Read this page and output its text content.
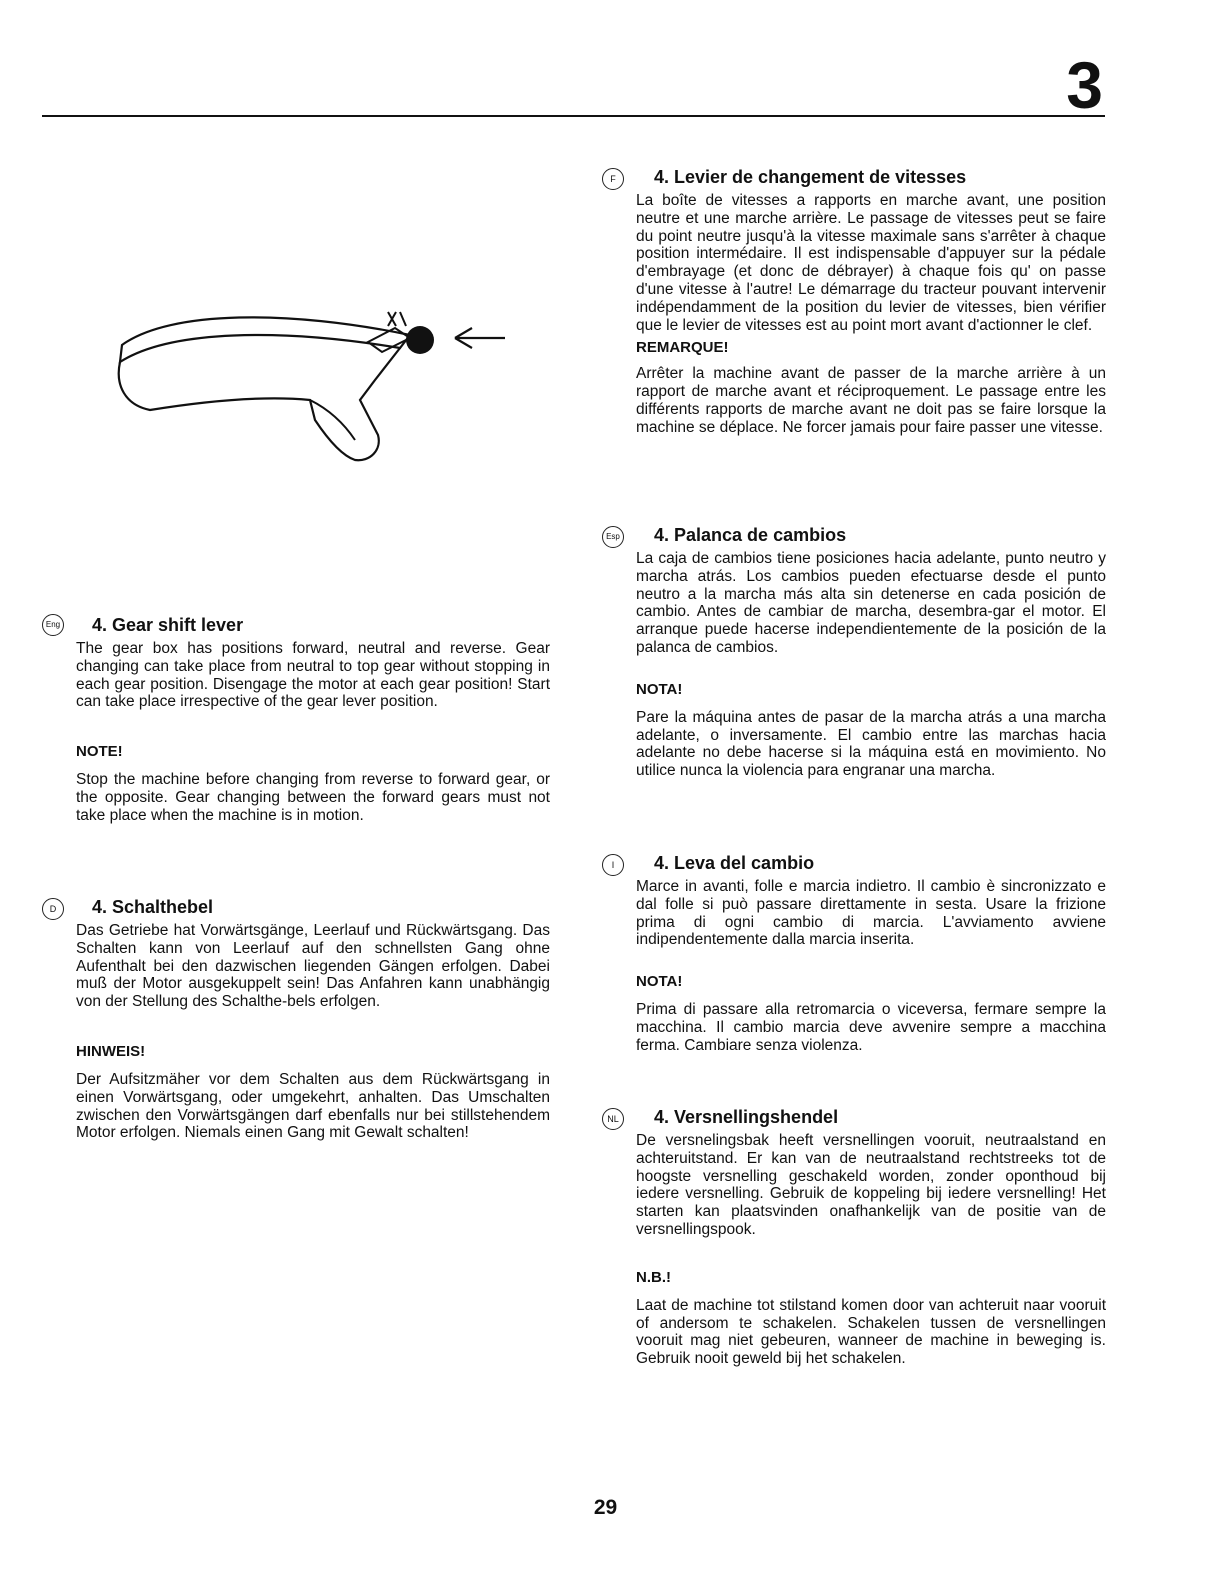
3
F	4. Levier de changement de vitesses

La boîte de vitesses a rapports en marche avant, une position neutre et une marche arrière. Le passage de vitesses peut se faire du point neutre jusqu'à la vitesse maximale sans s'arrêter à chaque position intermédaire. Il est indispensable d'appuyer sur la pédale d'embrayage (et donc de débrayer) à chaque fois qu' on passe d'une vitesse à l'autre! Le démarrage du tracteur pouvant intervenir indépendamment de la position du levier de vitesses, bien vérifier que le levier de vitesses est au point mort avant d'actionner le clef.

REMARQUE!

Arrêter la machine avant de passer de la marche arrière à un rapport de marche avant et réciproquement. Le passage entre les différents rapports de marche avant ne doit pas se faire lorsque la machine se déplace. Ne forcer jamais pour faire passer une vitesse.

Esp	4. Palanca de cambios

La caja de cambios tiene posiciones hacia adelante, punto neutro y marcha atrás. Los cambios pueden efectuarse desde el punto neutro a la marcha más alta sin detenerse en cada posición de cambio. Antes de cambiar de marcha, desembra-gar el motor. El arranque puede hacerse independientemente de la posición de la palanca de cambios.

NOTA!

Pare la máquina antes de pasar de la marcha atrás a una marcha adelante, o inversamente. El cambio entre las marchas hacia adelante no debe hacerse si la máquina está en movimiento. No utilice nunca la violencia para engranar una marcha.

I	4. Leva del cambio

Marce in avanti, folle e marcia indietro. Il cambio è sincronizzato e dal folle si può passare direttamente in sesta. Usare la frizione prima di ogni cambio di marcia. L'avviamento avviene indipendentemente dalla marcia inserita.

NOTA!

Prima di passare alla retromarcia o viceversa, fermare sempre la macchina. Il cambio marcia deve avvenire sempre a macchina ferma. Cambiare senza violenza.

NL	4. Versnellingshendel

De versnelingsbak heeft versnellingen vooruit, neutraalstand en achteruitstand. Er kan van de neutraalstand rechtstreeks tot de hoogste versnelling geschakeld worden, zonder oponthoud bij iedere versnelling. Gebruik de koppeling bij iedere versnelling! Het starten kan plaatsvinden onafhankelijk van de positie van de versnellingspook.

N.B.!

Laat de machine tot stilstand komen door van achteruit naar vooruit of andersom te schakelen. Schakelen tussen de versnellingen vooruit mag niet gebeuren, wanneer de machine in beweging is. Gebruik nooit geweld bij het schakelen.

Eng	4. Gear shift lever

The gear box has positions forward, neutral and reverse. Gear changing can take place from neutral to top gear without stopping in each gear position. Disengage the motor at each gear position! Start can take place irrespective of the gear lever position.

NOTE!

Stop the machine before changing from reverse to forward gear, or the opposite. Gear changing between the forward gears must not take place when the machine is in motion.

D	4. Schalthebel

Das Getriebe hat Vorwärtsgänge, Leerlauf und Rückwärtsgang. Das Schalten kann von Leerlauf auf den schnellsten Gang ohne Aufenthalt bei den dazwischen liegenden Gängen erfolgen. Dabei muß der Motor ausgekuppelt sein! Das Anfahren kann unabhängig von der Stellung des Schalthe-bels erfolgen.

HINWEIS!

Der Aufsitzmäher vor dem Schalten aus dem Rückwärtsgang in einen Vorwärtsgang, oder umgekehrt, anhalten. Das Umschalten zwischen den Vorwärtsgängen darf ebenfalls nur bei stillstehendem Motor erfolgen. Niemals einen Gang mit Gewalt schalten!

29
